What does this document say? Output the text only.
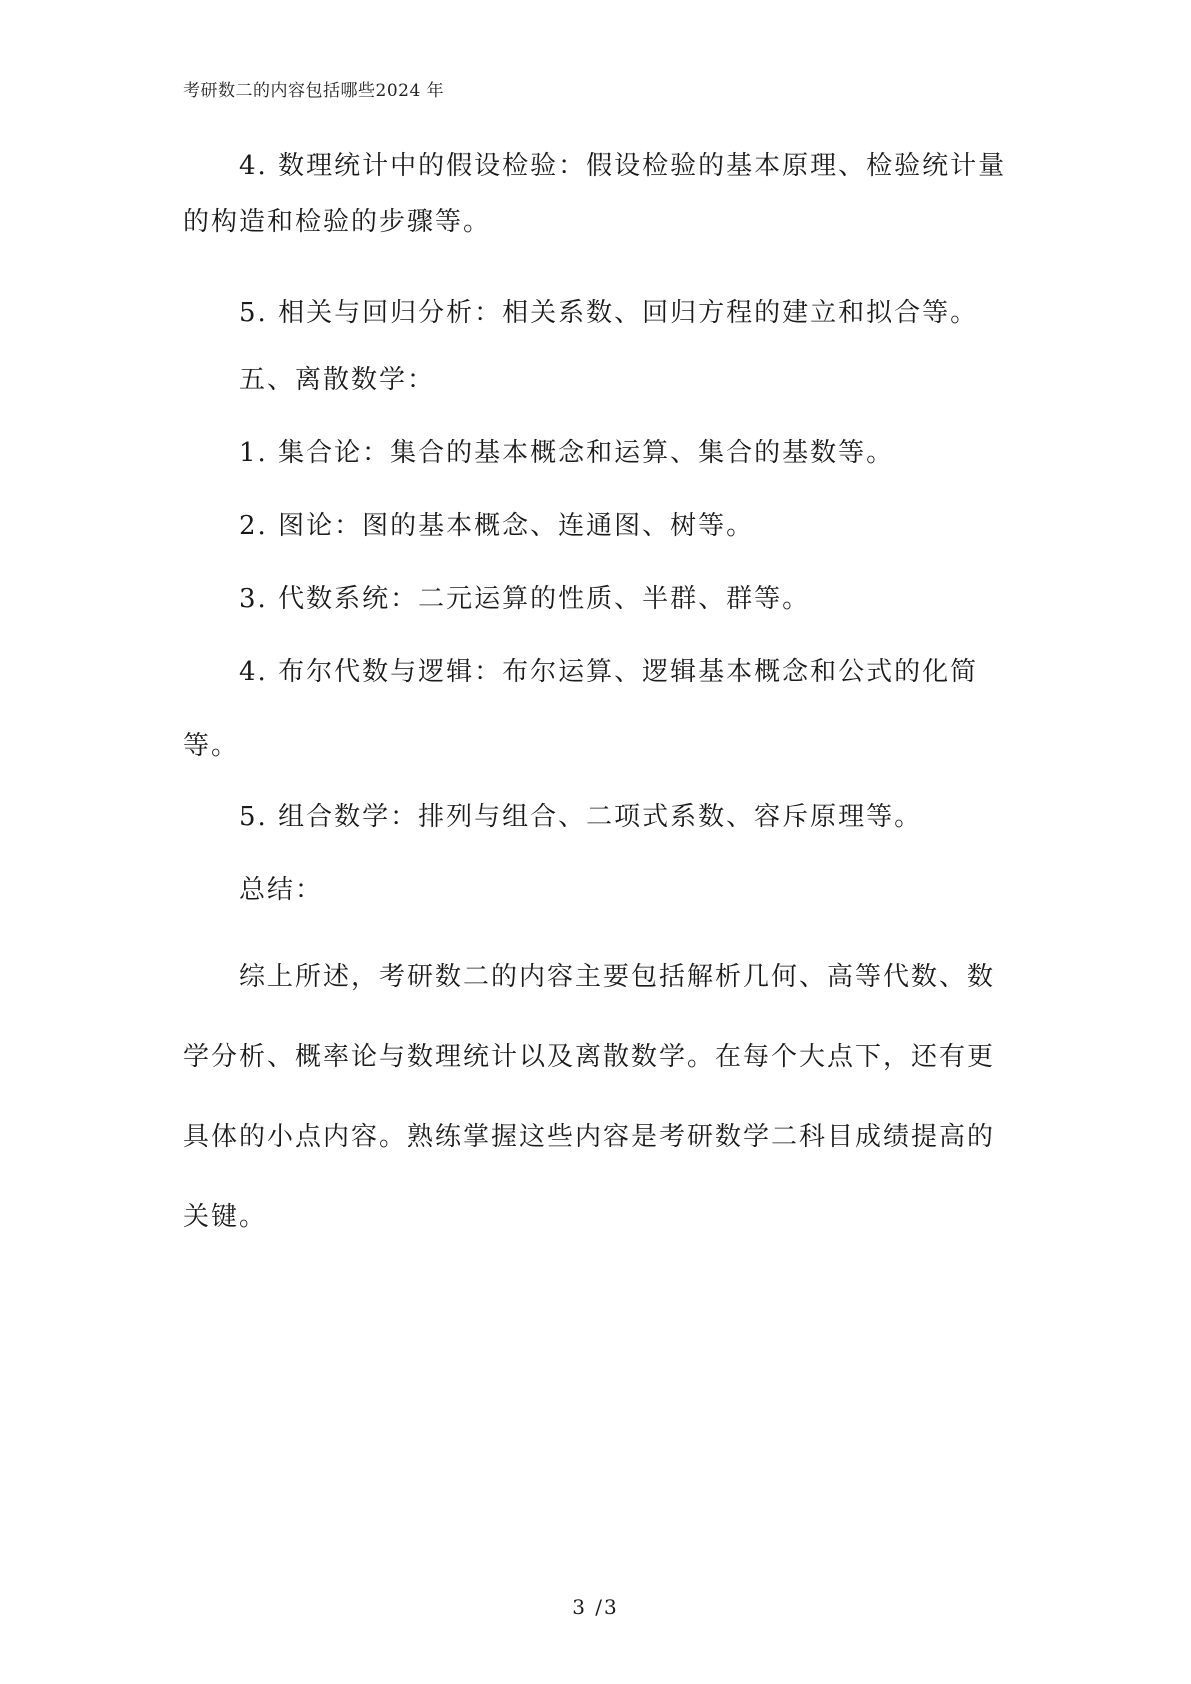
考研数二的内容包括哪些2024 年
4. 数理统计中的假设检验：假设检验的基本原理、检验统计量
的构造和检验的步骤等。
5. 相关与回归分析：相关系数、回归方程的建立和拟合等。
五、离散数学：
1. 集合论：集合的基本概念和运算、集合的基数等。
2. 图论：图的基本概念、连通图、树等。
3. 代数系统：二元运算的性质、半群、群等。
4. 布尔代数与逻辑：布尔运算、逻辑基本概念和公式的化简
等。
5. 组合数学：排列与组合、二项式系数、容斥原理等。
总结：
综上所述，考研数二的内容主要包括解析几何、高等代数、数
学分析、概率论与数理统计以及离散数学。在每个大点下，还有更
具体的小点内容。熟练掌握这些内容是考研数学二科目成绩提高的
关键。
3 /3
